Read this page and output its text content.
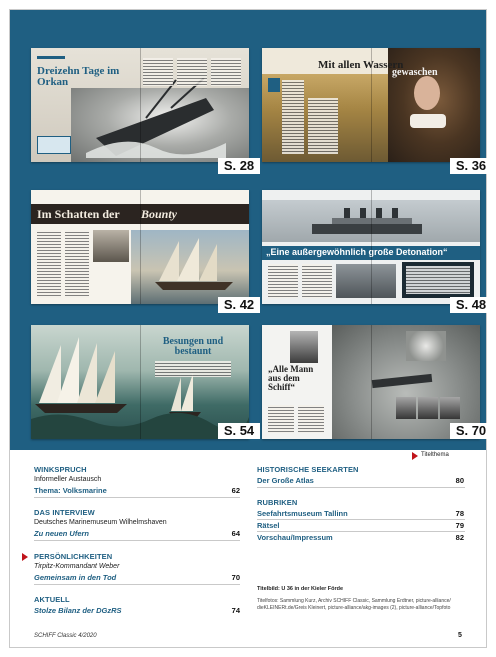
Dreizehn Tage im Orkan
S. 28
Mit allen Wassern
gewaschen
S. 36
Im Schatten der Bounty
S. 42
„Eine außergewöhnlich große Detonation“
S. 48
Besungen und bestaunt
S. 54
„Alle Mann aus dem Schiff“
S. 70
Titelthema
WINKSPRUCH
Informeller Austausch
Thema: Volksmarine	62
DAS INTERVIEW
Deutsches Marinemuseum Wilhelmshaven
Zu neuen Ufern	64
PERSÖNLICHKEITEN
Tirpitz-Kommandant Weber
Gemeinsam in den Tod	70
AKTUELL
Stolze Bilanz der DGzRS	74
HISTORISCHE SEEKARTEN
Der Große Atlas	80
RUBRIKEN
Seefahrtsmuseum Tallinn	78
Rätsel	79
Vorschau/Impressum	82
Titelbild: U 36 in der Kieler Förde
Titelfotos: Sammlung Kurz, Archiv SCHIFF Classic, Sammlung Erdtner, picture-alliance/ dieKLEINERt.de/Greis Kleinert, picture-alliance/akg-images (2), picture-alliance/Topfoto
SCHIFF Classic 4/2020	5
